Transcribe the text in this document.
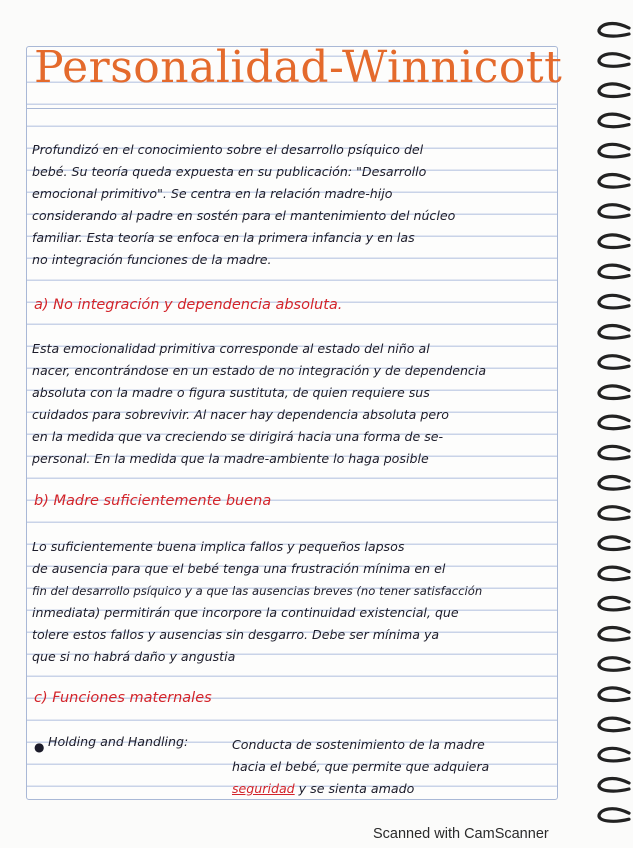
Personalidad-Winnicott
Profundizó en el conocimiento sobre el desarrollo psíquico del
bebé. Su teoría queda expuesta en su publicación: "Desarrollo
emocional primitivo". Se centra en la relación madre-hijo
considerando al padre en sostén para el mantenimiento del núcleo
familiar. Esta teoría se enfoca en la primera infancia y en las
no integración funciones de la madre.
a) No integración y dependencia absoluta.
Esta emocionalidad primitiva corresponde al estado del niño al
nacer, encontrándose en un estado de no integración y de dependencia
absoluta con la madre o figura sustituta, de quien requiere sus
cuidados para sobrevivir. Al nacer hay dependencia absoluta pero
en la medida que va creciendo se dirigirá hacia una forma de se-
personal. En la medida que la madre-ambiente lo haga posible
b) Madre suficientemente buena
Lo suficientemente buena implica fallos y pequeños lapsos
de ausencia para que el bebé tenga una frustración mínima en el
fin del desarrollo psíquico y a que las ausencias breves (no tener satisfacción
inmediata) permitirán que incorpore la continuidad existencial, que
tolere estos fallos y ausencias sin desgarro. Debe ser mínima ya
que si no habrá daño y angustia
c) Funciones maternales
● Holding and Handling:	Conducta de sostenimiento de la madre
hacia el bebé, que permite que adquiera
seguridad y se sienta amado
Scanned with CamScanner
